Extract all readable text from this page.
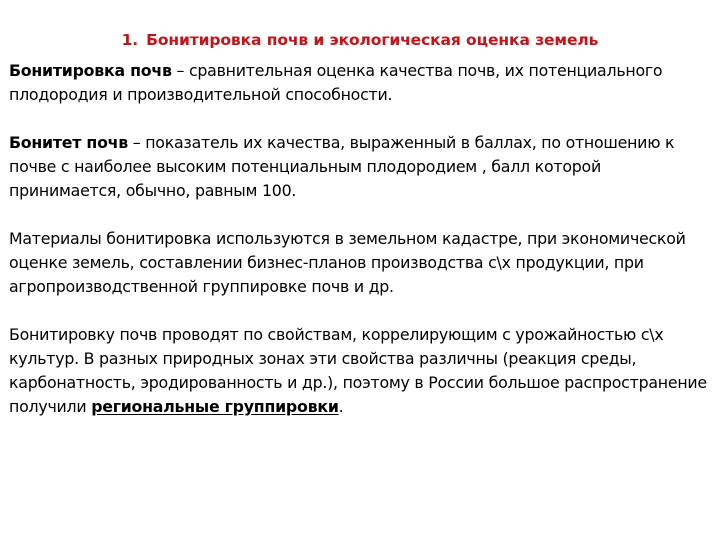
1. Бонитировка почв и экологическая оценка земель

Бонитировка почв – сравнительная оценка качества почв, их потенциального плодородия и производительной способности.

Бонитет почв – показатель их качества, выраженный в баллах, по отношению к почве с наиболее высоким потенциальным плодородием , балл которой принимается, обычно, равным 100.

Материалы бонитировка используются в земельном кадастре, при экономической оценке земель, составлении бизнес-планов производства с\х продукции, при агропроизводственной группировке почв и др.

Бонитировку почв проводят по свойствам, коррелирующим с урожайностью с\х культур. В разных природных зонах эти свойства различны (реакция среды, карбонатность, эродированность и др.), поэтому в России большое распространение получили региональные группировки.
